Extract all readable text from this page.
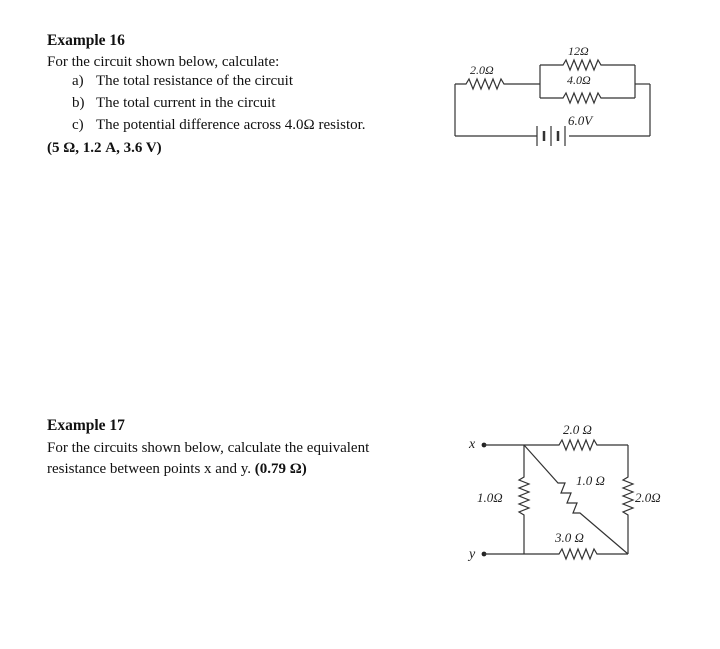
Example 16
For the circuit shown below, calculate:
a) The total resistance of the circuit
b) The total current in the circuit
c) The potential difference across 4.0Ω resistor.
(5 Ω, 1.2 A, 3.6 V)
2.0Ω
12Ω
4.0Ω
6.0V
Example 17
For the circuits shown below, calculate the equivalent
resistance between points x and y. (0.79 Ω)
x
y
2.0 Ω
3.0 Ω
1.0Ω	2.0Ω
1.0 Ω
